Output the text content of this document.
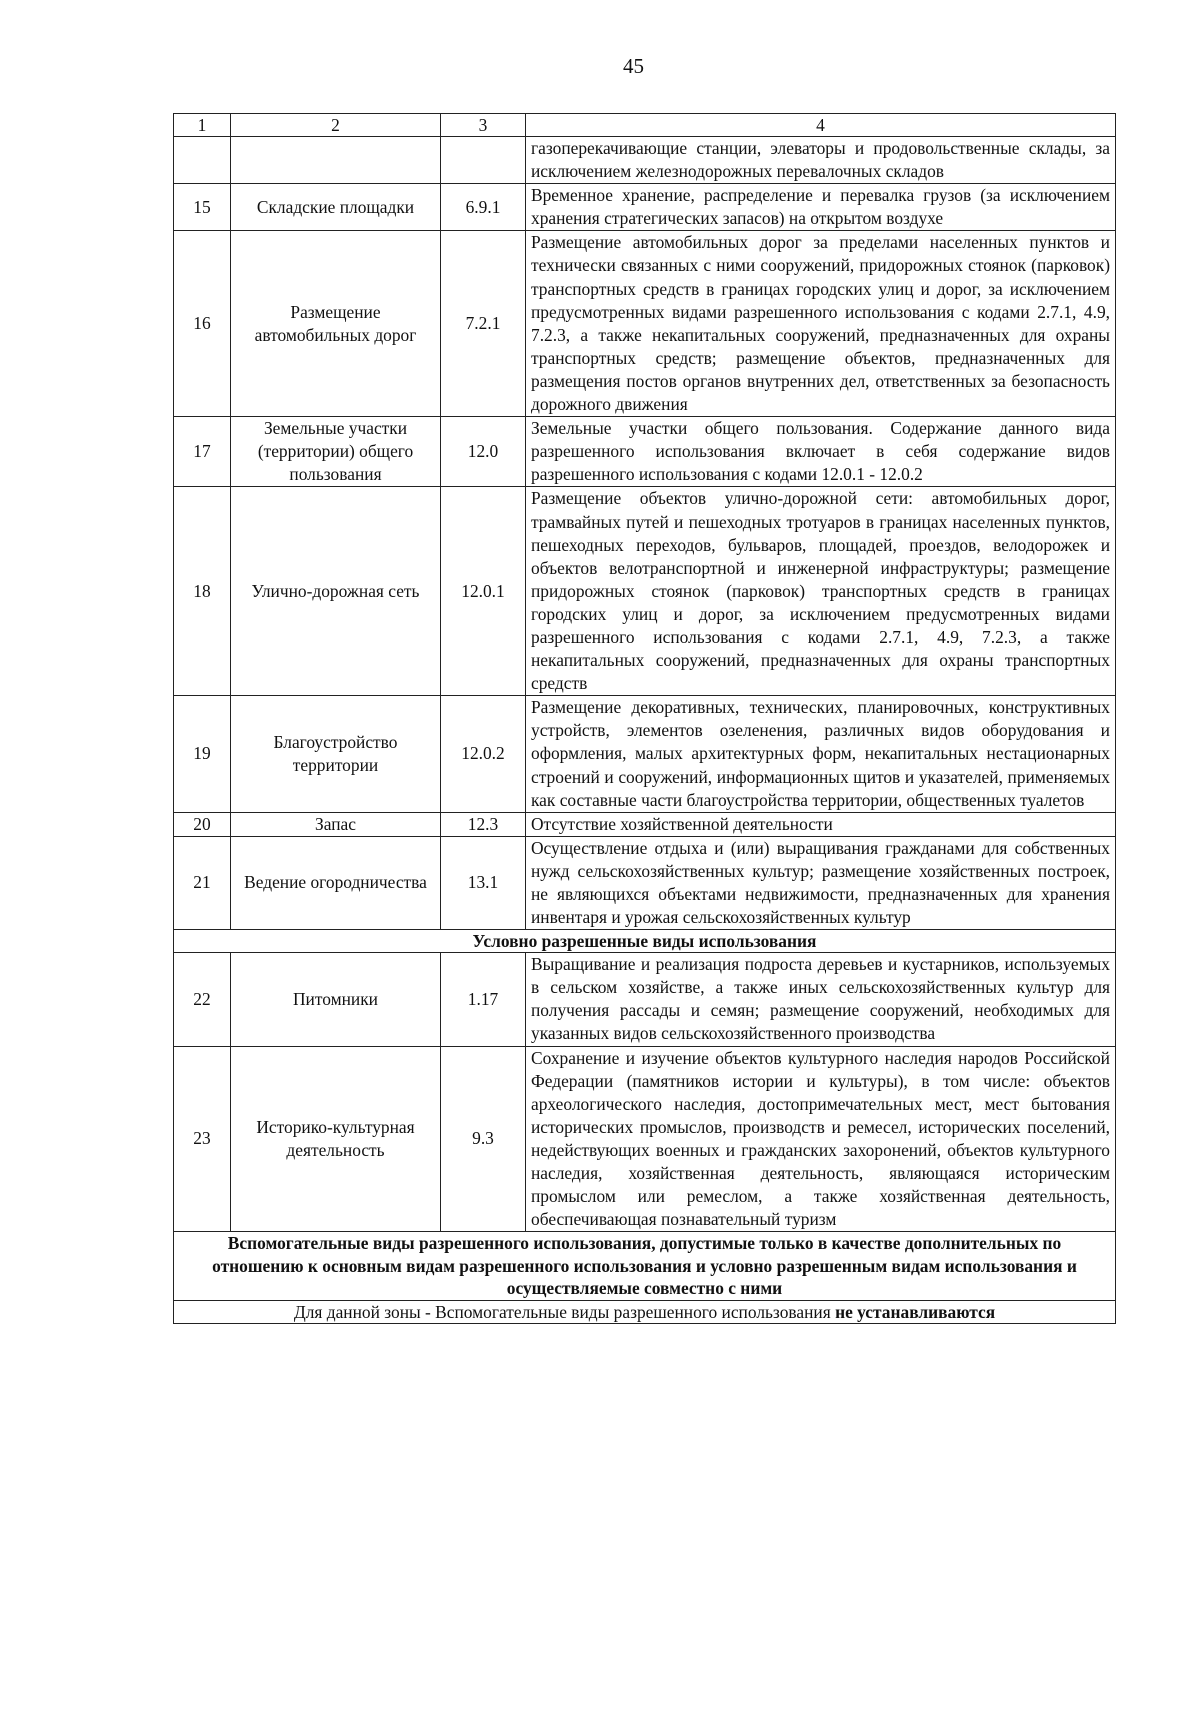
45
1	2	3	4
			газоперекачивающие станции, элеваторы и продовольственные склады, за исключением железнодорожных перевалочных складов
15	Складские площадки	6.9.1	Временное хранение, распределение и перевалка грузов (за исключением хранения стратегических запасов) на открытом воздухе
16	Размещение автомобильных дорог	7.2.1	Размещение автомобильных дорог за пределами населенных пунктов и технически связанных с ними сооружений, придорожных стоянок (парковок) транспортных средств в границах городских улиц и дорог, за исключением предусмотренных видами разрешенного использования с кодами 2.7.1, 4.9, 7.2.3, а также некапитальных сооружений, предназначенных для охраны транспортных средств; размещение объектов, предназначенных для размещения постов органов внутренних дел, ответственных за безопасность дорожного движения
17	Земельные участки (территории) общего пользования	12.0	Земельные участки общего пользования. Содержание данного вида разрешенного использования включает в себя содержание видов разрешенного использования с кодами 12.0.1 - 12.0.2
18	Улично-дорожная сеть	12.0.1	Размещение объектов улично-дорожной сети: автомобильных дорог, трамвайных путей и пешеходных тротуаров в границах населенных пунктов, пешеходных переходов, бульваров, площадей, проездов, велодорожек и объектов велотранспортной и инженерной инфраструктуры; размещение придорожных стоянок (парковок) транспортных средств в границах городских улиц и дорог, за исключением предусмотренных видами разрешенного использования с кодами 2.7.1, 4.9, 7.2.3, а также некапитальных сооружений, предназначенных для охраны транспортных средств
19	Благоустройство территории	12.0.2	Размещение декоративных, технических, планировочных, конструктивных устройств, элементов озеленения, различных видов оборудования и оформления, малых архитектурных форм, некапитальных нестационарных строений и сооружений, информационных щитов и указателей, применяемых как составные части благоустройства территории, общественных туалетов
20	Запас	12.3	Отсутствие хозяйственной деятельности
21	Ведение огородничества	13.1	Осуществление отдыха и (или) выращивания гражданами для собственных нужд сельскохозяйственных культур; размещение хозяйственных построек, не являющихся объектами недвижимости, предназначенных для хранения инвентаря и урожая сельскохозяйственных культур
Условно разрешенные виды использования			
22	Питомники	1.17	Выращивание и реализация подроста деревьев и кустарников, используемых в сельском хозяйстве, а также иных сельскохозяйственных культур для получения рассады и семян; размещение сооружений, необходимых для указанных видов сельскохозяйственного производства
23	Историко-культурная деятельность	9.3	Сохранение и изучение объектов культурного наследия народов Российской Федерации (памятников истории и культуры), в том числе: объектов археологического наследия, достопримечательных мест, мест бытования исторических промыслов, производств и ремесел, исторических поселений, недействующих военных и гражданских захоронений, объектов культурного наследия, хозяйственная деятельность, являющаяся историческим промыслом или ремеслом, а также хозяйственная деятельность, обеспечивающая познавательный туризм
Вспомогательные виды разрешенного использования, допустимые только в качестве дополнительных по отношению к основным видам разрешенного использования и условно разрешенным видам использования и осуществляемые совместно с ними			
Для данной зоны - Вспомогательные виды разрешенного использования не устанавливаются			
